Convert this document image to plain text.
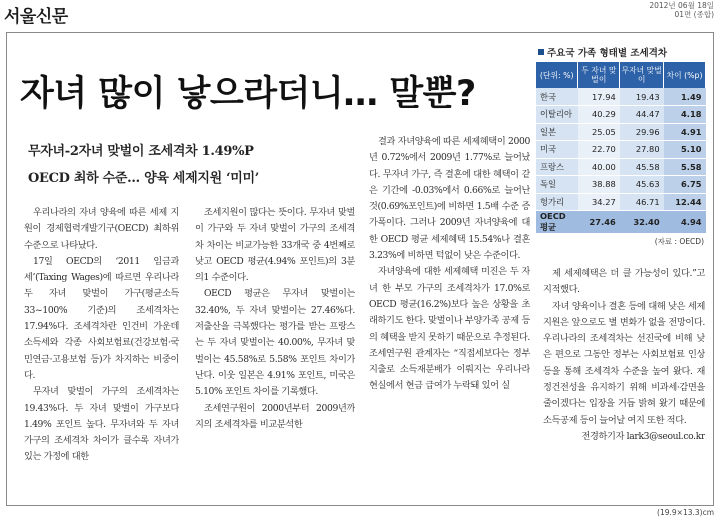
서울신문
2012년 06월 18일
01면 (종합)
자녀 많이 낳으라더니… 말뿐?
무자녀-2자녀 맞벌이 조세격차 1.49%P
OECD 최하 수준… 양육 세제지원 ‘미미’

우리나라의 자녀 양육에 따른 세제 지원이 경제협력개발기구(OECD) 최하위 수준으로 나타났다.

17일 OECD의 ‘2011 임금과세’(Taxing Wages)에 따르면 우리나라 두 자녀 맞벌이 가구(평균소득 33~100% 기준)의 조세격차는 17.94%다. 조세격차란 인건비 가운데 소득세와 각종 사회보험료(건강보험·국민연금·고용보험 등)가 차지하는 비중이다.

무자녀 맞벌이 가구의 조세격차는 19.43%다. 두 자녀 맞벌이 가구보다 1.49% 포인트 높다. 무자녀와 두 자녀 가구의 조세격차 차이가 클수록 자녀가 있는 가정에 대한

조세지원이 많다는 뜻이다. 무자녀 맞벌이 가구와 두 자녀 맞벌이 가구의 조세격차 차이는 비교가능한 33개국 중 4번째로 낮고 OECD 평균(4.94% 포인트)의 3분의1 수준이다.

OECD 평균은 무자녀 맞벌이는 32.40%, 두 자녀 맞벌이는 27.46%다. 저출산을 극복했다는 평가를 받는 프랑스는 두 자녀 맞벌이는 40.00%, 무자녀 맞벌이는 45.58%로 5.58% 포인트 차이가 난다. 이웃 일본은 4.91% 포인트, 미국은 5.10% 포인트 차이를 기록했다.

조세연구원이 2000년부터 2009년까지의 조세격차를 비교분석한

결과 자녀양육에 따른 세제혜택이 2000년 0.72%에서 2009년 1.77%로 늘어났다. 무자녀 가구, 즉 결혼에 대한 혜택이 같은 기간에 -0.03%에서 0.66%로 늘어난 것(0.69%포인트)에 비하면 1.5배 수준 증가폭이다. 그러나 2009년 자녀양육에 대한 OECD 평균 세제혜택 15.54%나 결혼 3.23%에 비하면 턱없이 낮은 수준이다.

자녀양육에 대한 세제혜택 미진은 두 자녀 한 부모 가구의 조세격차가 17.0%로 OECD 평균(16.2%)보다 높은 상황을 초래하기도 한다. 맞벌이나 부양가족 공제 등의 혜택을 받지 못하기 때문으로 추정된다. 조세연구원 관계자는 “직접세보다는 정부 지출로 소득재분배가 이뤄지는 우리나라 현실에서 현금 급여가 누락돼 있어 실

제 세제혜택은 더 클 가능성이 있다.”고 지적했다.

자녀 양육이나 결혼 등에 대해 낮은 세제 지원은 앞으로도 별 변화가 없을 전망이다. 우리나라의 조세격차는 선진국에 비해 낮은 편으로 그동안 정부는 사회보험료 인상 등을 통해 조세격차 수준을 높여 왔다. 재정건전성을 유지하기 위해 비과세·감면을 줄이겠다는 입장을 거듭 밝혀 왔기 때문에 소득공제 등이 늘어날 여지 또한 적다.

전경하기자 lark3@seoul.co.kr

주요국 가족 형태별 조세격차
(단위: %)	두 자녀 맞벌이	무자녀 맞벌이	차이 (%p)
한국	17.94	19.43	1.49
이탈리아	40.29	44.47	4.18
일본	25.05	29.96	4.91
미국	22.70	27.80	5.10
프랑스	40.00	45.58	5.58
독일	38.88	45.63	6.75
헝가리	34.27	46.71	12.44
OECD 평균	27.46	32.40	4.94
(자료 : OECD)
(19.9×13.3)cm
